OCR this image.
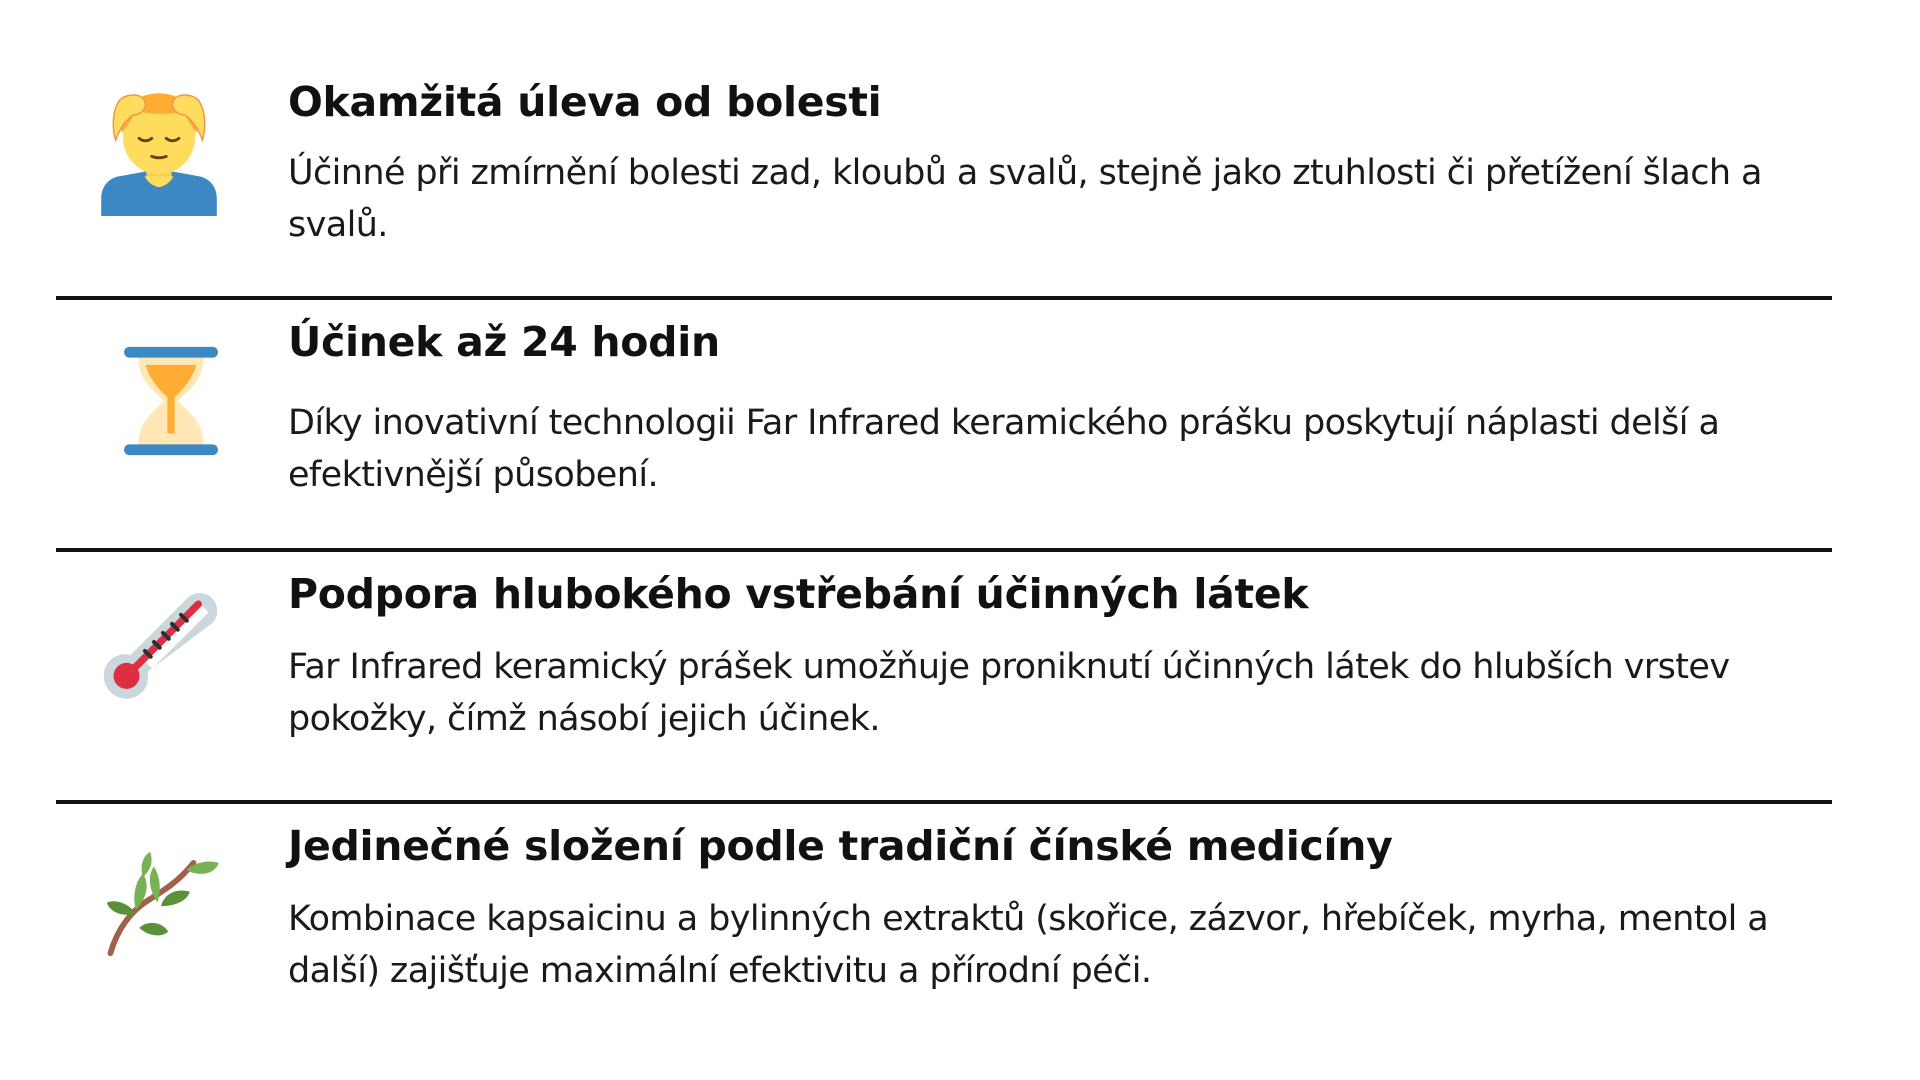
Okamžitá úleva od bolesti

Účinné při zmírnění bolesti zad, kloubů a svalů, stejně jako ztuhlosti či přetížení šlach a svalů.

Účinek až 24 hodin

Díky inovativní technologii Far Infrared keramického prášku poskytují náplasti delší a efektivnější působení.

Podpora hlubokého vstřebání účinných látek

Far Infrared keramický prášek umožňuje proniknutí účinných látek do hlubších vrstev pokožky, čímž násobí jejich účinek.

Jedinečné složení podle tradiční čínské medicíny

Kombinace kapsaicinu a bylinných extraktů (skořice, zázvor, hřebíček, myrha, mentol a další) zajišťuje maximální efektivitu a přírodní péči.
